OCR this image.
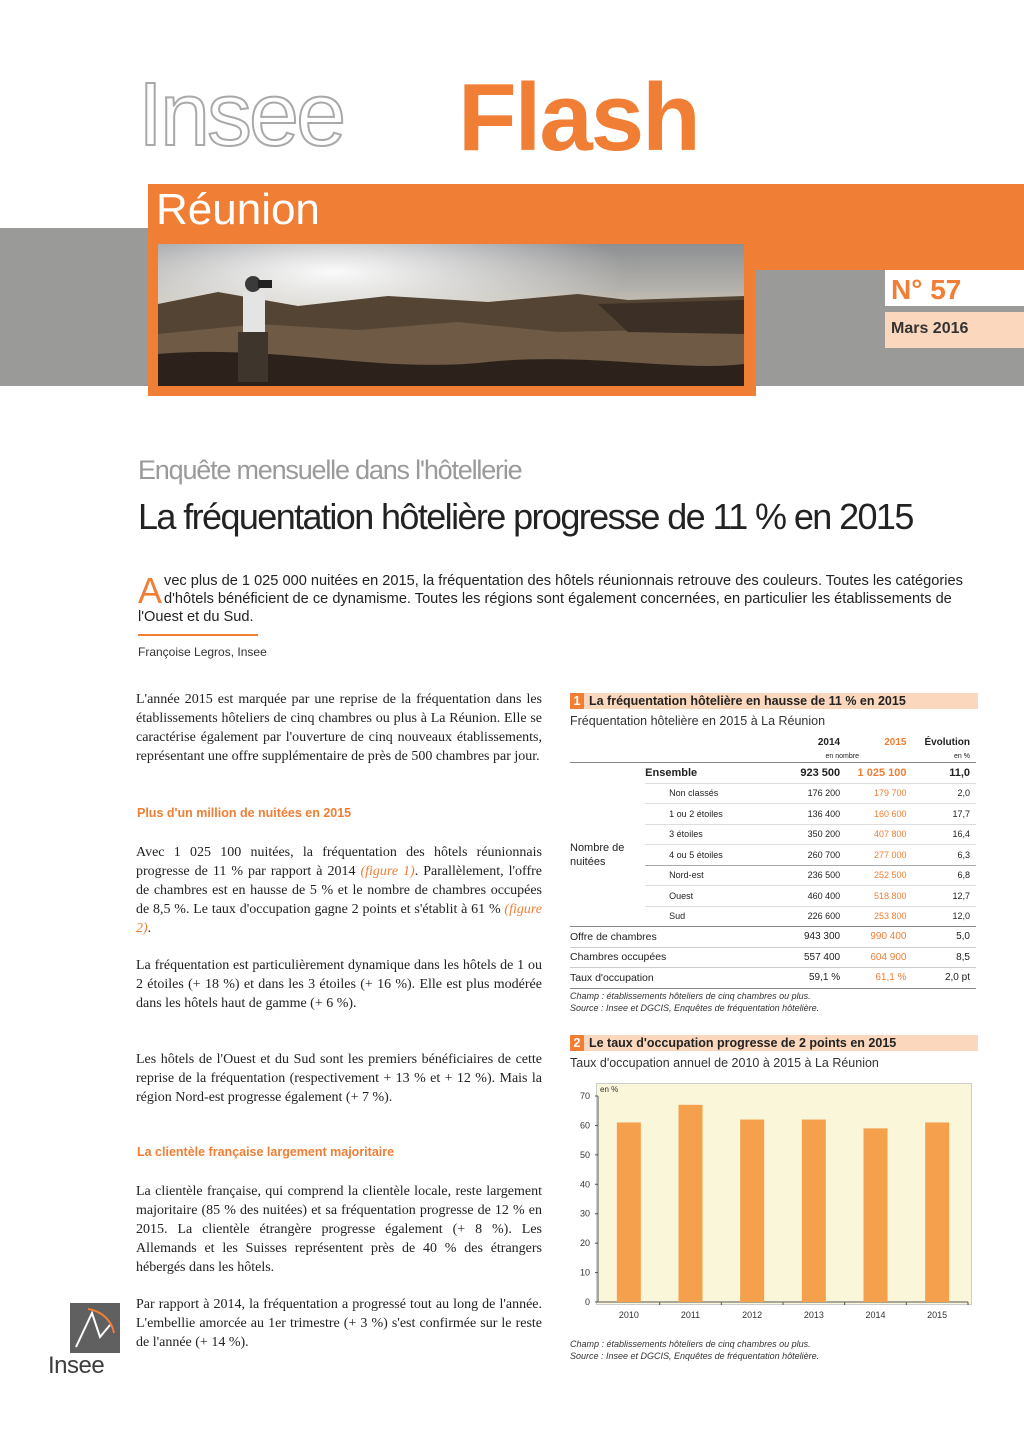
Insee Flash
Réunion
N° 57
Mars 2016
Enquête mensuelle dans l'hôtellerie
La fréquentation hôtelière progresse de 11 % en 2015
Avec plus de 1 025 000 nuitées en 2015, la fréquentation des hôtels réunionnais retrouve des couleurs. Toutes les catégories d'hôtels bénéficient de ce dynamisme. Toutes les régions sont également concernées, en particulier les établissements de l'Ouest et du Sud.
Françoise Legros, Insee
L'année 2015 est marquée par une reprise de la fréquentation dans les établissements hôteliers de cinq chambres ou plus à La Réunion. Elle se caractérise également par l'ouverture de cinq nouveaux établissements, représentant une offre supplémentaire de près de 500 chambres par jour.
Plus d'un million de nuitées en 2015
Avec 1 025 100 nuitées, la fréquentation des hôtels réunionnais progresse de 11 % par rapport à 2014 (figure 1). Parallèlement, l'offre de chambres est en hausse de 5 % et le nombre de chambres occupées de 8,5 %. Le taux d'occupation gagne 2 points et s'établit à 61 % (figure 2).
La fréquentation est particulièrement dynamique dans les hôtels de 1 ou 2 étoiles (+ 18 %) et dans les 3 étoiles (+ 16 %). Elle est plus modérée dans les hôtels haut de gamme (+ 6 %).
Les hôtels de l'Ouest et du Sud sont les premiers bénéficiaires de cette reprise de la fréquentation (respectivement + 13 % et + 12 %). Mais la région Nord-est progresse également (+ 7 %).
La clientèle française largement majoritaire
La clientèle française, qui comprend la clientèle locale, reste largement majoritaire (85 % des nuitées) et sa fréquentation progresse de 12 % en 2015. La clientèle étrangère progresse également (+ 8 %). Les Allemands et les Suisses représentent près de 40 % des étrangers hébergés dans les hôtels.
Par rapport à 2014, la fréquentation a progressé tout au long de l'année. L'embellie amorcée au 1er trimestre (+ 3 %) s'est confirmée sur le reste de l'année (+ 14 %).
1 La fréquentation hôtelière en hausse de 11 % en 2015
Fréquentation hôtelière en 2015 à La Réunion
		2014	2015	Évolution
		en nombre		en %
	Ensemble	923 500	1 025 100	11,0

Nombre de nuitées	Non classés	176 200	179 700	2,0
	1 ou 2 étoiles	136 400	160 600	17,7
	3 étoiles	350 200	407 800	16,4
	4 ou 5 étoiles	260 700	277 000	6,3
	Nord-est	236 500	252 500	6,8
	Ouest	460 400	518 800	12,7
	Sud	226 600	253 800	12,0
Offre de chambres		943 300	990 400	5,0
Chambres occupées		557 400	604 900	8,5
Taux d'occupation		59,1 %	61,1 %	2,0 pt
Champ : établissements hôteliers de cinq chambres ou plus.
Source : Insee et DGCIS, Enquêtes de fréquentation hôtelière.
2 Le taux d'occupation progresse de 2 points en 2015
Taux d'occupation annuel de 2010 à 2015 à La Réunion
0
10
20
30
40
50
60
70
en %
2010	2011	2012	2013	2014	2015
Champ : établissements hôteliers de cinq chambres ou plus.
Source : Insee et DGCIS, Enquêtes de fréquentation hôtelière.
Insee
